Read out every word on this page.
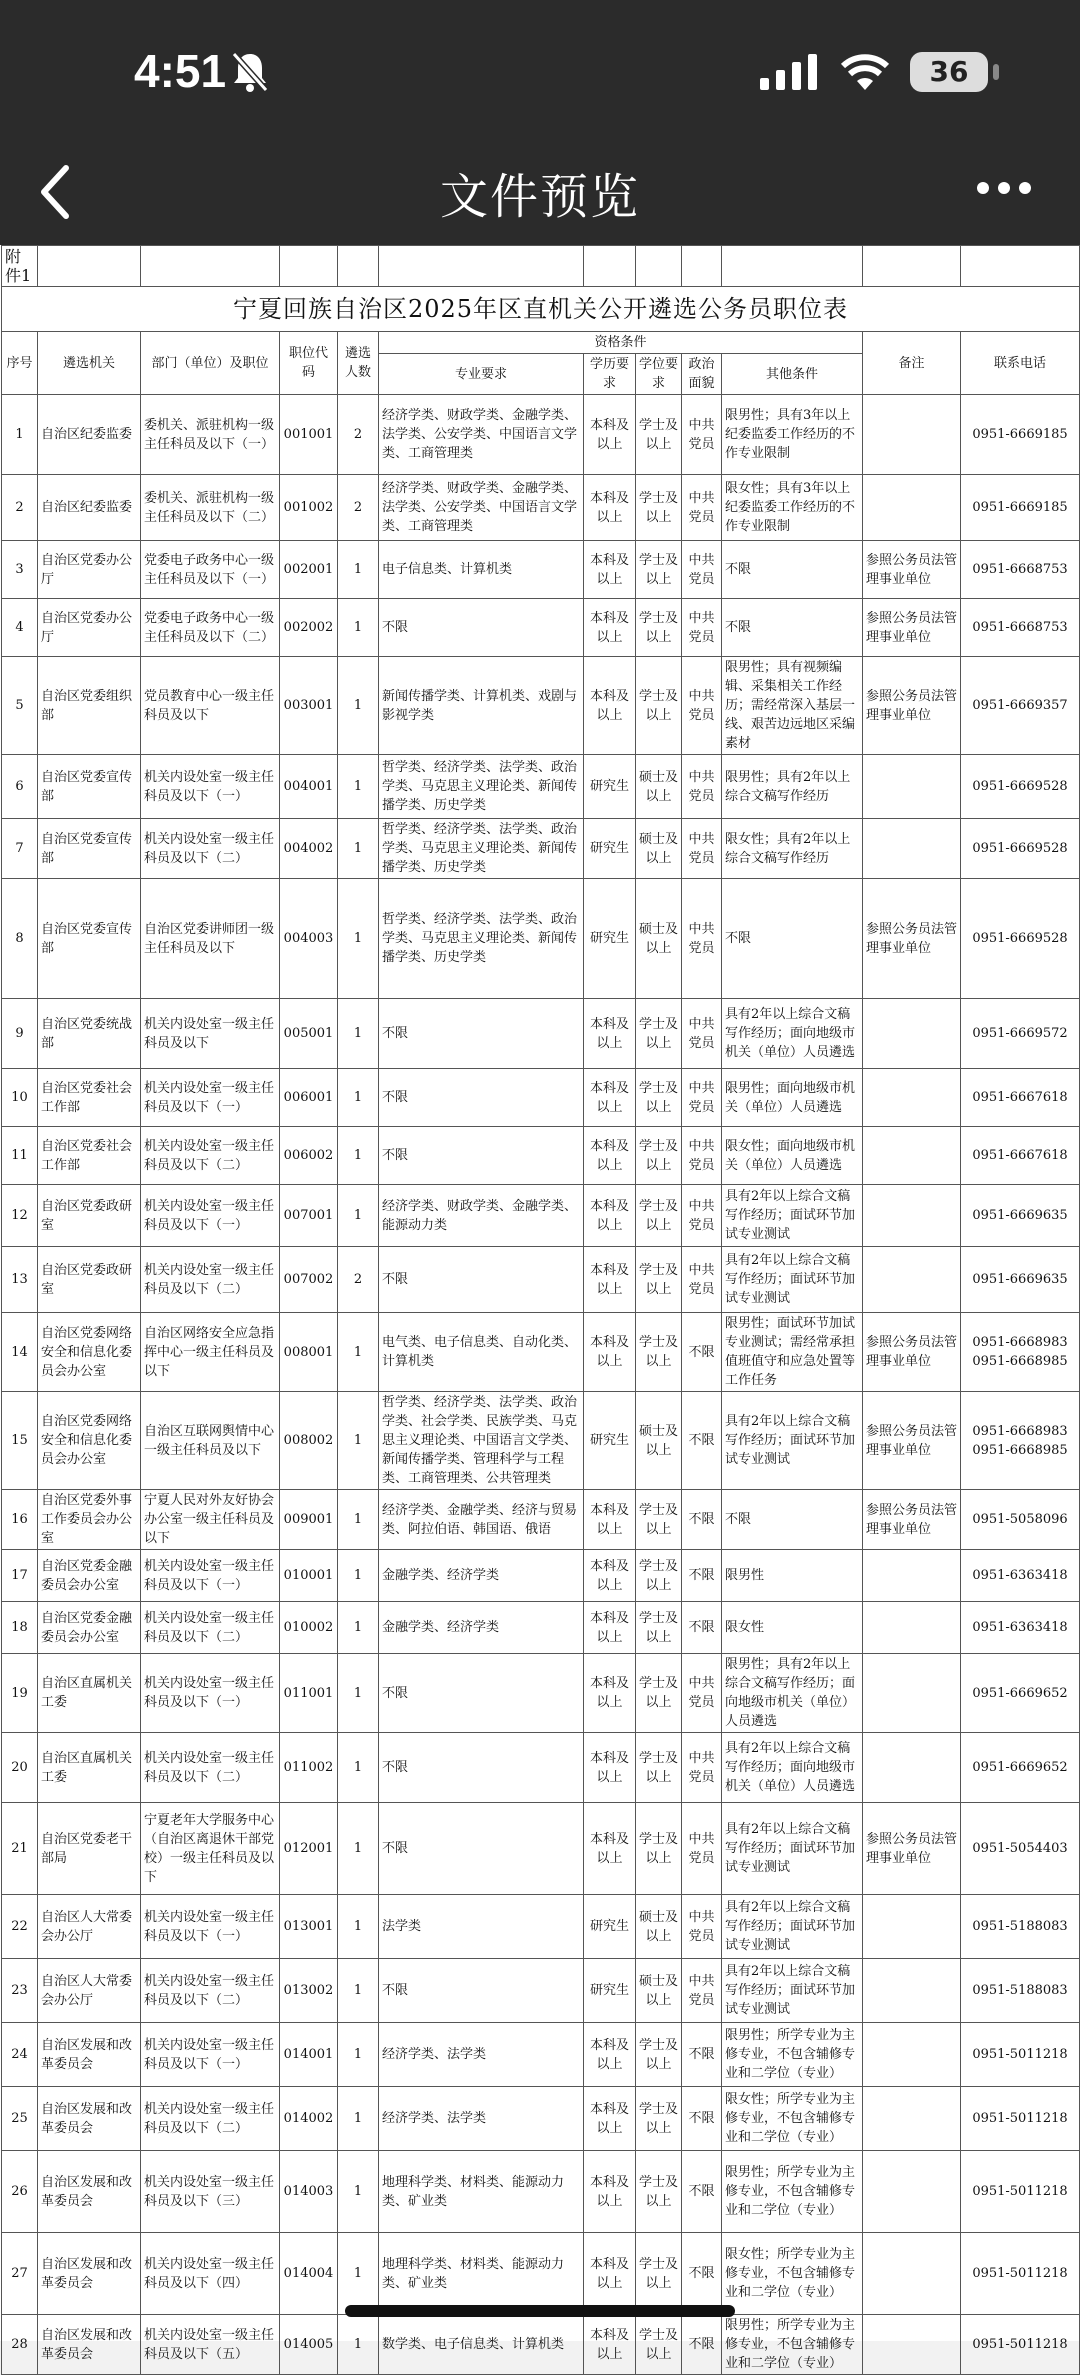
4:51	36
文件预览
附件1											
宁夏回族自治区2025年区直机关公开遴选公务员职位表											
序号	遴选机关	部门（单位）及职位	职位代码	遴选人数	资格条件					备注	联系电话
					专业要求	学历要求	学位要求	政治面貌	其他条件		
1	自治区纪委监委	委机关、派驻机构一级主任科员及以下（一）	001001	2	经济学类、财政学类、金融学类、法学类、公安学类、中国语言文学类、工商管理类	本科及以上	学士及以上	中共党员	限男性；具有3年以上纪委监委工作经历的不作专业限制		0951-6669185
2	自治区纪委监委	委机关、派驻机构一级主任科员及以下（二）	001002	2	经济学类、财政学类、金融学类、法学类、公安学类、中国语言文学类、工商管理类	本科及以上	学士及以上	中共党员	限女性；具有3年以上纪委监委工作经历的不作专业限制		0951-6669185
3	自治区党委办公厅	党委电子政务中心一级主任科员及以下（一）	002001	1	电子信息类、计算机类	本科及以上	学士及以上	中共党员	不限	参照公务员法管理事业单位	0951-6668753
4	自治区党委办公厅	党委电子政务中心一级主任科员及以下（二）	002002	1	不限	本科及以上	学士及以上	中共党员	不限	参照公务员法管理事业单位	0951-6668753
5	自治区党委组织部	党员教育中心一级主任科员及以下	003001	1	新闻传播学类、计算机类、戏剧与影视学类	本科及以上	学士及以上	中共党员	限男性；具有视频编辑、采集相关工作经历；需经常深入基层一线、艰苦边远地区采编素材	参照公务员法管理事业单位	0951-6669357
6	自治区党委宣传部	机关内设处室一级主任科员及以下（一）	004001	1	哲学类、经济学类、法学类、政治学类、马克思主义理论类、新闻传播学类、历史学类	研究生	硕士及以上	中共党员	限男性；具有2年以上综合文稿写作经历		0951-6669528
7	自治区党委宣传部	机关内设处室一级主任科员及以下（二）	004002	1	哲学类、经济学类、法学类、政治学类、马克思主义理论类、新闻传播学类、历史学类	研究生	硕士及以上	中共党员	限女性；具有2年以上综合文稿写作经历		0951-6669528
8	自治区党委宣传部	自治区党委讲师团一级主任科员及以下	004003	1	哲学类、经济学类、法学类、政治学类、马克思主义理论类、新闻传播学类、历史学类	研究生	硕士及以上	中共党员	不限	参照公务员法管理事业单位	0951-6669528
9	自治区党委统战部	机关内设处室一级主任科员及以下	005001	1	不限	本科及以上	学士及以上	中共党员	具有2年以上综合文稿写作经历；面向地级市机关（单位）人员遴选		0951-6669572
10	自治区党委社会工作部	机关内设处室一级主任科员及以下（一）	006001	1	不限	本科及以上	学士及以上	中共党员	限男性；面向地级市机关（单位）人员遴选		0951-6667618
11	自治区党委社会工作部	机关内设处室一级主任科员及以下（二）	006002	1	不限	本科及以上	学士及以上	中共党员	限女性；面向地级市机关（单位）人员遴选		0951-6667618
12	自治区党委政研室	机关内设处室一级主任科员及以下（一）	007001	1	经济学类、财政学类、金融学类、能源动力类	本科及以上	学士及以上	中共党员	具有2年以上综合文稿写作经历；面试环节加试专业测试		0951-6669635
13	自治区党委政研室	机关内设处室一级主任科员及以下（二）	007002	2	不限	本科及以上	学士及以上	中共党员	具有2年以上综合文稿写作经历；面试环节加试专业测试		0951-6669635
14	自治区党委网络安全和信息化委员会办公室	自治区网络安全应急指挥中心一级主任科员及以下	008001	1	电气类、电子信息类、自动化类、计算机类	本科及以上	学士及以上	不限	限男性；面试环节加试专业测试；需经常承担值班值守和应急处置等工作任务	参照公务员法管理事业单位	0951-6668983 0951-6668985
15	自治区党委网络安全和信息化委员会办公室	自治区互联网舆情中心一级主任科员及以下	008002	1	哲学类、经济学类、法学类、政治学类、社会学类、民族学类、马克思主义理论类、中国语言文学类、新闻传播学类、管理科学与工程类、工商管理类、公共管理类	研究生	硕士及以上	不限	具有2年以上综合文稿写作经历；面试环节加试专业测试	参照公务员法管理事业单位	0951-6668983 0951-6668985
16	自治区党委外事工作委员会办公室	宁夏人民对外友好协会办公室一级主任科员及以下	009001	1	经济学类、金融学类、经济与贸易类、阿拉伯语、韩国语、俄语	本科及以上	学士及以上	不限	不限	参照公务员法管理事业单位	0951-5058096
17	自治区党委金融委员会办公室	机关内设处室一级主任科员及以下（一）	010001	1	金融学类、经济学类	本科及以上	学士及以上	不限	限男性		0951-6363418
18	自治区党委金融委员会办公室	机关内设处室一级主任科员及以下（二）	010002	1	金融学类、经济学类	本科及以上	学士及以上	不限	限女性		0951-6363418
19	自治区直属机关工委	机关内设处室一级主任科员及以下（一）	011001	1	不限	本科及以上	学士及以上	中共党员	限男性；具有2年以上综合文稿写作经历；面向地级市机关（单位）人员遴选		0951-6669652
20	自治区直属机关工委	机关内设处室一级主任科员及以下（二）	011002	1	不限	本科及以上	学士及以上	中共党员	具有2年以上综合文稿写作经历；面向地级市机关（单位）人员遴选		0951-6669652
21	自治区党委老干部局	宁夏老年大学服务中心（自治区离退休干部党校）一级主任科员及以下	012001	1	不限	本科及以上	学士及以上	中共党员	具有2年以上综合文稿写作经历；面试环节加试专业测试	参照公务员法管理事业单位	0951-5054403
22	自治区人大常委会办公厅	机关内设处室一级主任科员及以下（一）	013001	1	法学类	研究生	硕士及以上	中共党员	具有2年以上综合文稿写作经历；面试环节加试专业测试		0951-5188083
23	自治区人大常委会办公厅	机关内设处室一级主任科员及以下（二）	013002	1	不限	研究生	硕士及以上	中共党员	具有2年以上综合文稿写作经历；面试环节加试专业测试		0951-5188083
24	自治区发展和改革委员会	机关内设处室一级主任科员及以下（一）	014001	1	经济学类、法学类	本科及以上	学士及以上	不限	限男性；所学专业为主修专业，不包含辅修专业和二学位（专业）		0951-5011218
25	自治区发展和改革委员会	机关内设处室一级主任科员及以下（二）	014002	1	经济学类、法学类	本科及以上	学士及以上	不限	限女性；所学专业为主修专业，不包含辅修专业和二学位（专业）		0951-5011218
26	自治区发展和改革委员会	机关内设处室一级主任科员及以下（三）	014003	1	地理科学类、材料类、能源动力类、矿业类	本科及以上	学士及以上	不限	限男性；所学专业为主修专业，不包含辅修专业和二学位（专业）		0951-5011218
27	自治区发展和改革委员会	机关内设处室一级主任科员及以下（四）	014004	1	地理科学类、材料类、能源动力类、矿业类	本科及以上	学士及以上	不限	限女性；所学专业为主修专业，不包含辅修专业和二学位（专业）		0951-5011218
28	自治区发展和改革委员会	机关内设处室一级主任科员及以下（五）	014005	1	数学类、电子信息类、计算机类	本科及以上	学士及以上	不限	限男性；所学专业为主修专业，不包含辅修专业和二学位（专业）		0951-5011218
